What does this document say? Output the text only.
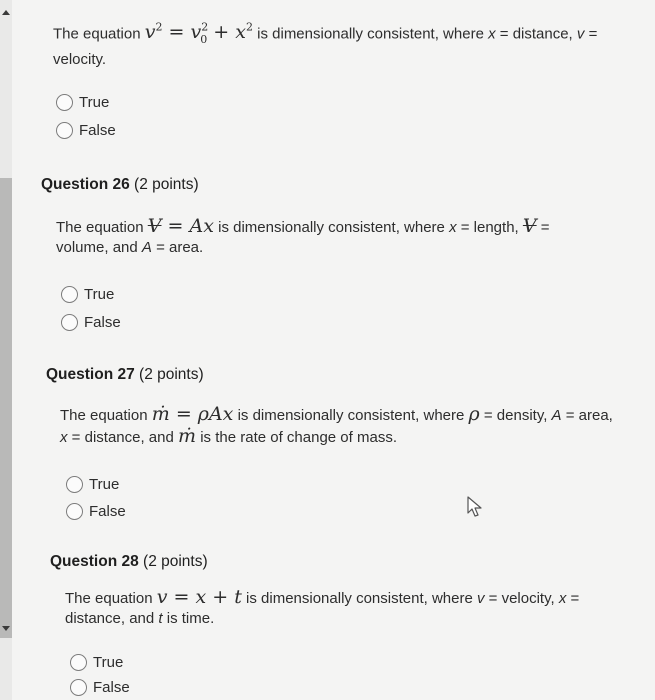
The equation $v^2 = v^2_0 + x^2$ is dimensionally consistent, where x = distance, v =
velocity.
True
False
Question 26 (2 points)
The equation V = Ax is dimensionally consistent, where x = length, V =
volume, and A = area.
True
False
Question 27 (2 points)
The equation ṁ = ρAx is dimensionally consistent, where ρ = density, A = area,
x = distance, and ṁ is the rate of change of mass.
True
False
Question 28 (2 points)
The equation v = x + t is dimensionally consistent, where v = velocity, x =
distance, and t is time.
True
False
